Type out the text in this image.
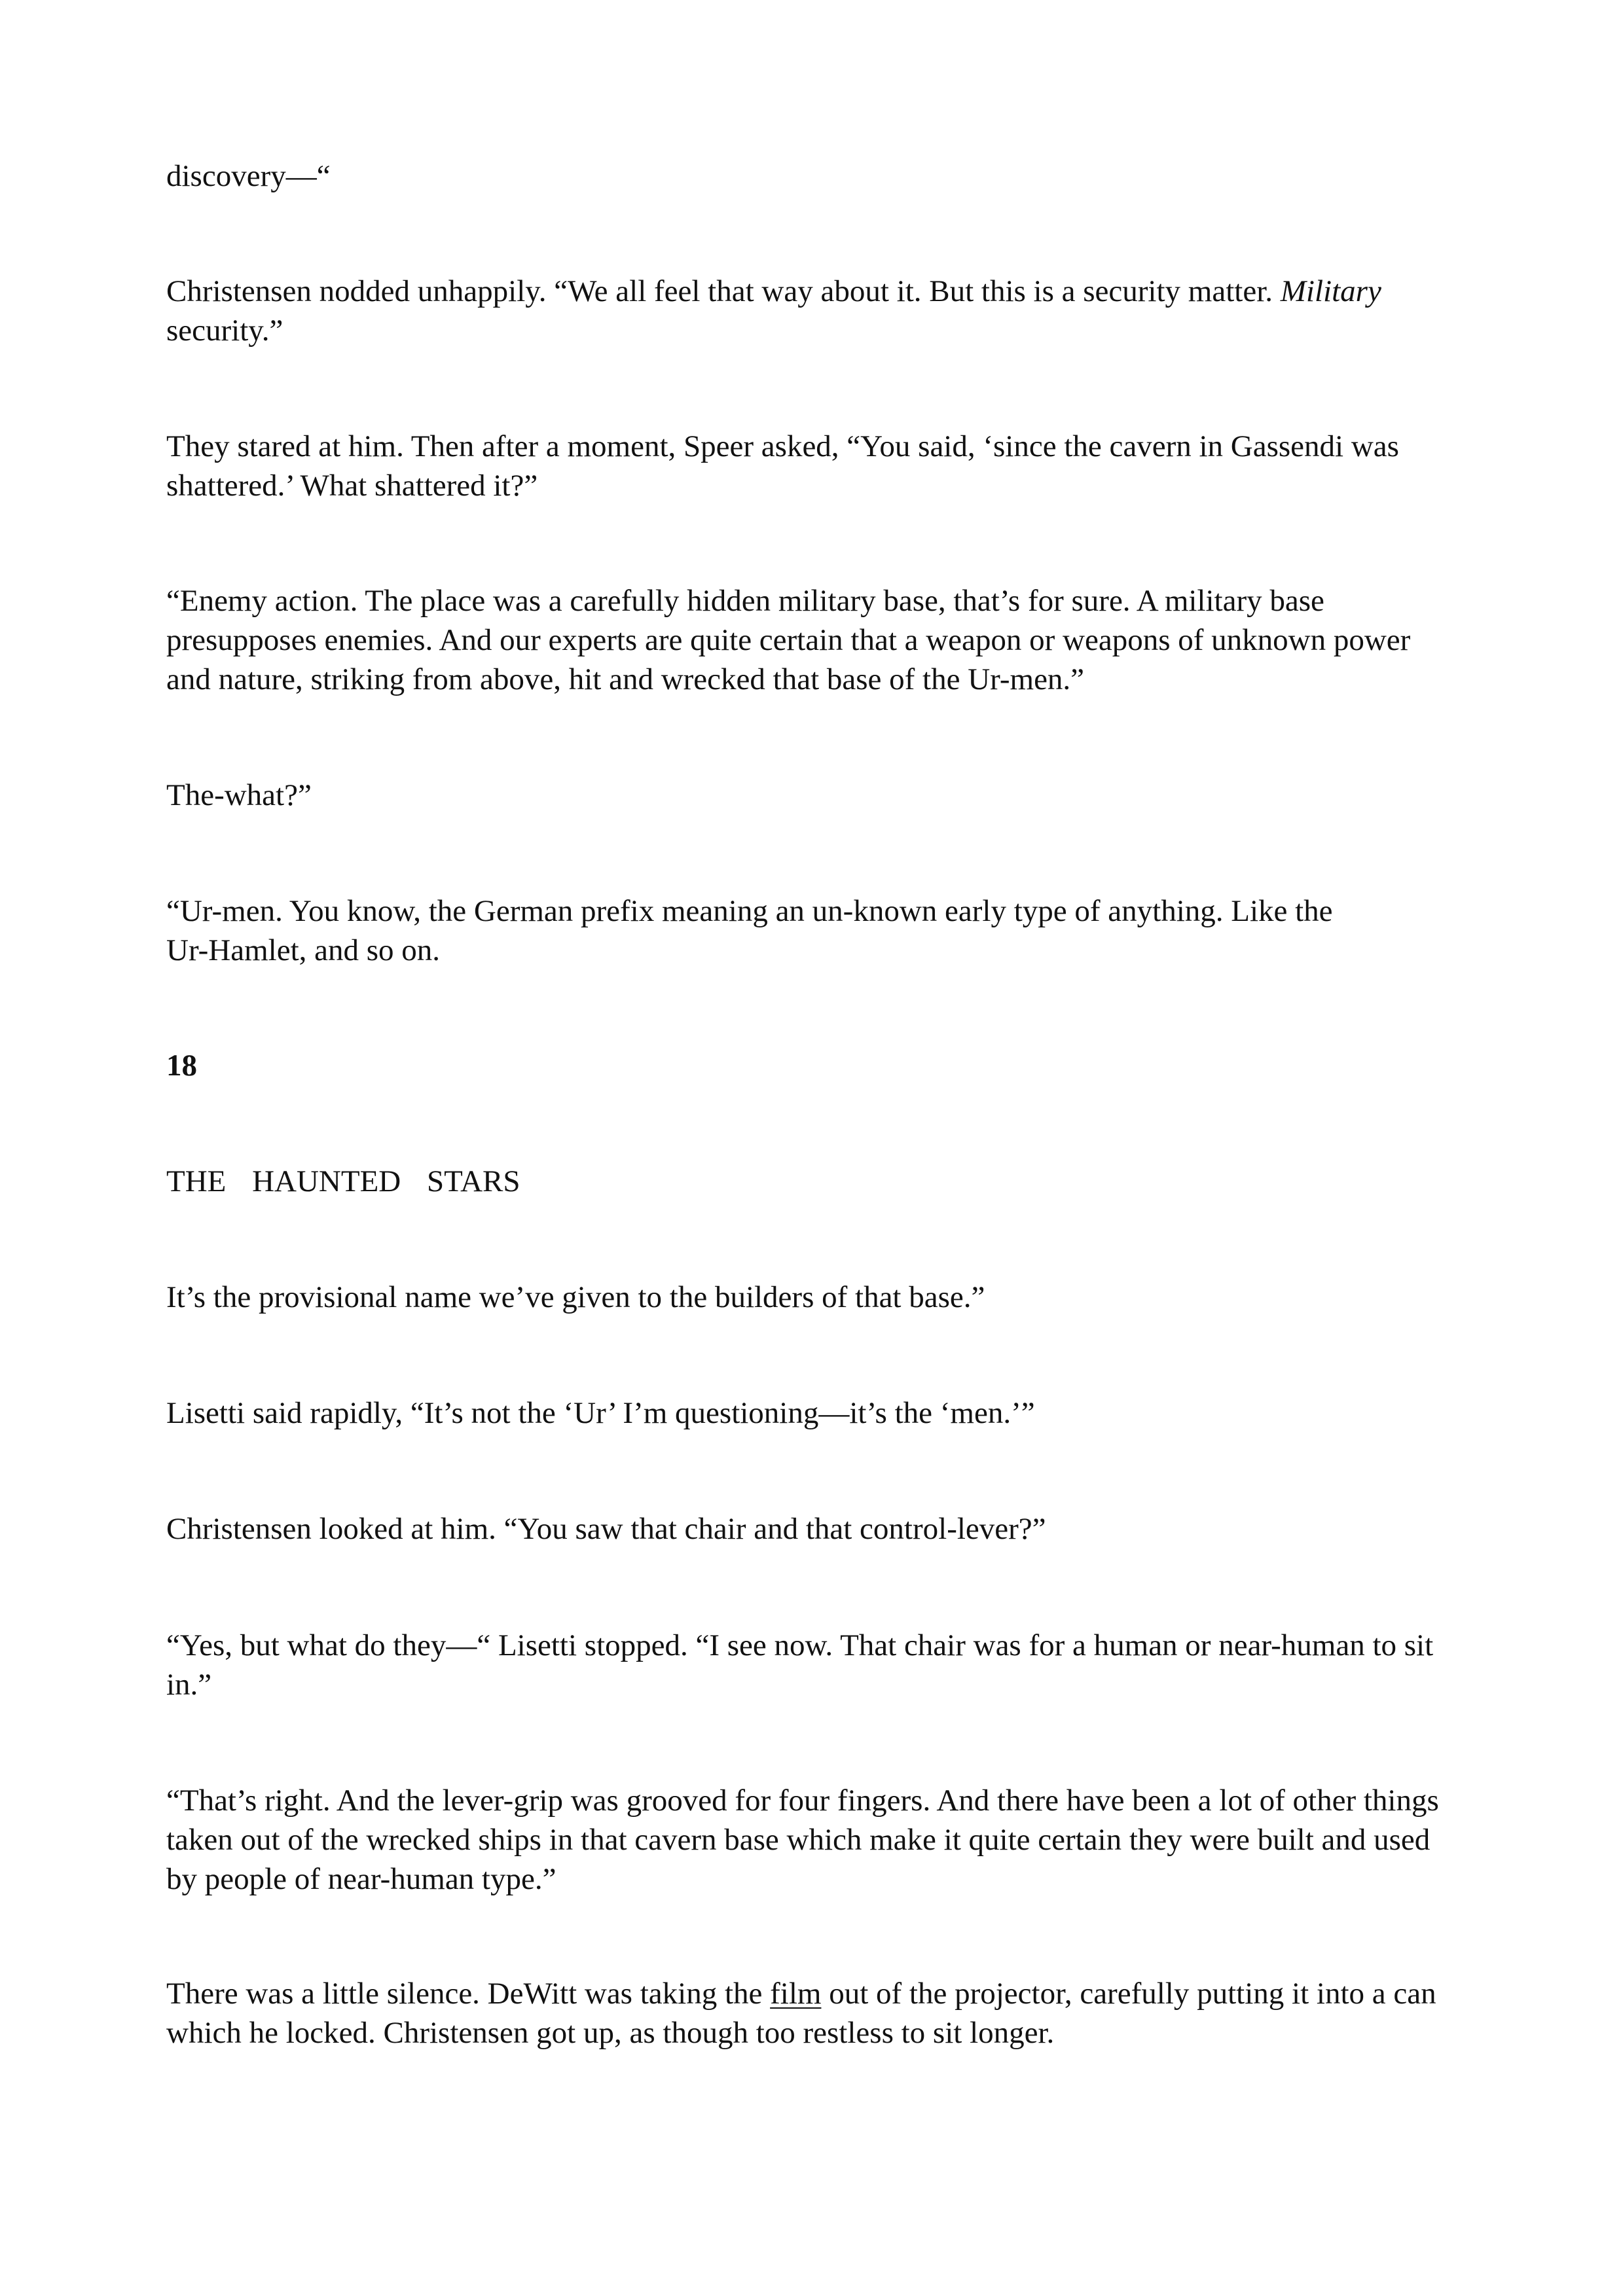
discovery—“

Christensen nodded unhappily. “We all feel that way about it. But this is a security matter. Military
security.”

They stared at him. Then after a moment, Speer asked, “You said, ‘since the cavern in Gassendi was
shattered.’ What shattered it?”

“Enemy action. The place was a carefully hidden military base, that’s for sure. A military base
presupposes enemies. And our experts are quite certain that a weapon or weapons of unknown power
and nature, striking from above, hit and wrecked that base of the Ur-men.”

The-what?”

“Ur-men. You know, the German prefix meaning an un-known early type of anything. Like the
Ur-Hamlet, and so on.

18

THE HAUNTED STARS

It’s the provisional name we’ve given to the builders of that base.”

Lisetti said rapidly, “It’s not the ‘Ur’ I’m questioning—it’s the ‘men.’”

Christensen looked at him. “You saw that chair and that control-lever?”

“Yes, but what do they—“ Lisetti stopped. “I see now. That chair was for a human or near-human to sit
in.”

“That’s right. And the lever-grip was grooved for four fingers. And there have been a lot of other things
taken out of the wrecked ships in that cavern base which make it quite certain they were built and used
by people of near-human type.”

There was a little silence. DeWitt was taking the film out of the projector, carefully putting it into a can
which he locked. Christensen got up, as though too restless to sit longer.
